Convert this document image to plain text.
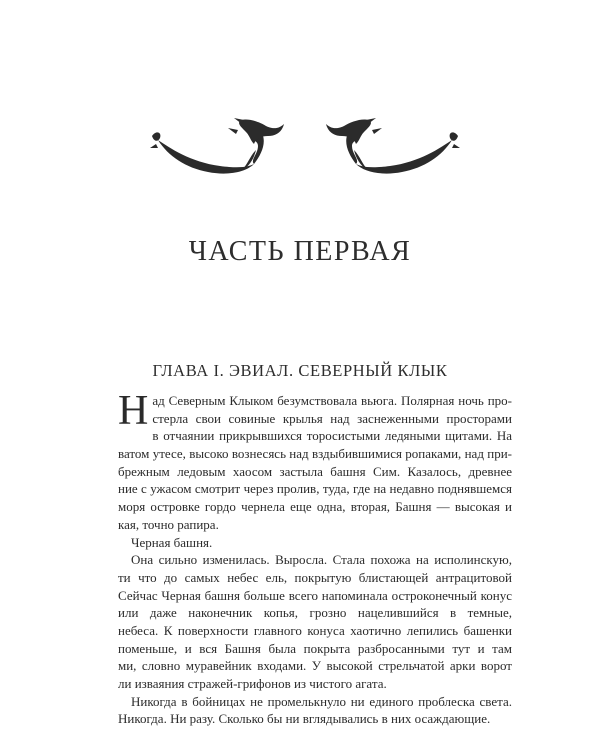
ЧАСТЬ ПЕРВАЯ
ГЛАВА I. ЭВИАЛ. СЕВЕРНЫЙ КЛЫК
Н ад Северным Клыком безумствовала вьюга. Полярная ночь про-
стерла свои совиные крылья над заснеженными просторами
в отчаянии прикрывшихся торосистыми ледяными щитами. На
ватом утесе, высоко вознесясь над вздыбившимися ропаками, над при-
брежным ледовым хаосом застыла башня Сим. Казалось, древнее
ние с ужасом смотрит через пролив, туда, где на недавно поднявшемся
моря островке гордо чернела еще одна, вторая, Башня — высокая и
кая, точно рапира.
Черная башня.
Она сильно изменилась. Выросла. Стала похожа на исполинскую,
ти что до самых небес ель, покрытую блистающей антрацитовой
Сейчас Черная башня больше всего напоминала остроконечный конус
или даже наконечник копья, грозно нацелившийся в темные,
небеса. К поверхности главного конуса хаотично лепились башенки
поменьше, и вся Башня была покрыта разбросанными тут и там
ми, словно муравейник входами. У высокой стрельчатой арки ворот
ли изваяния стражей-грифонов из чистого агата.
Никогда в бойницах не промелькнуло ни единого проблеска света.
Никогда. Ни разу. Сколько бы ни вглядывались в них осаждающие.
